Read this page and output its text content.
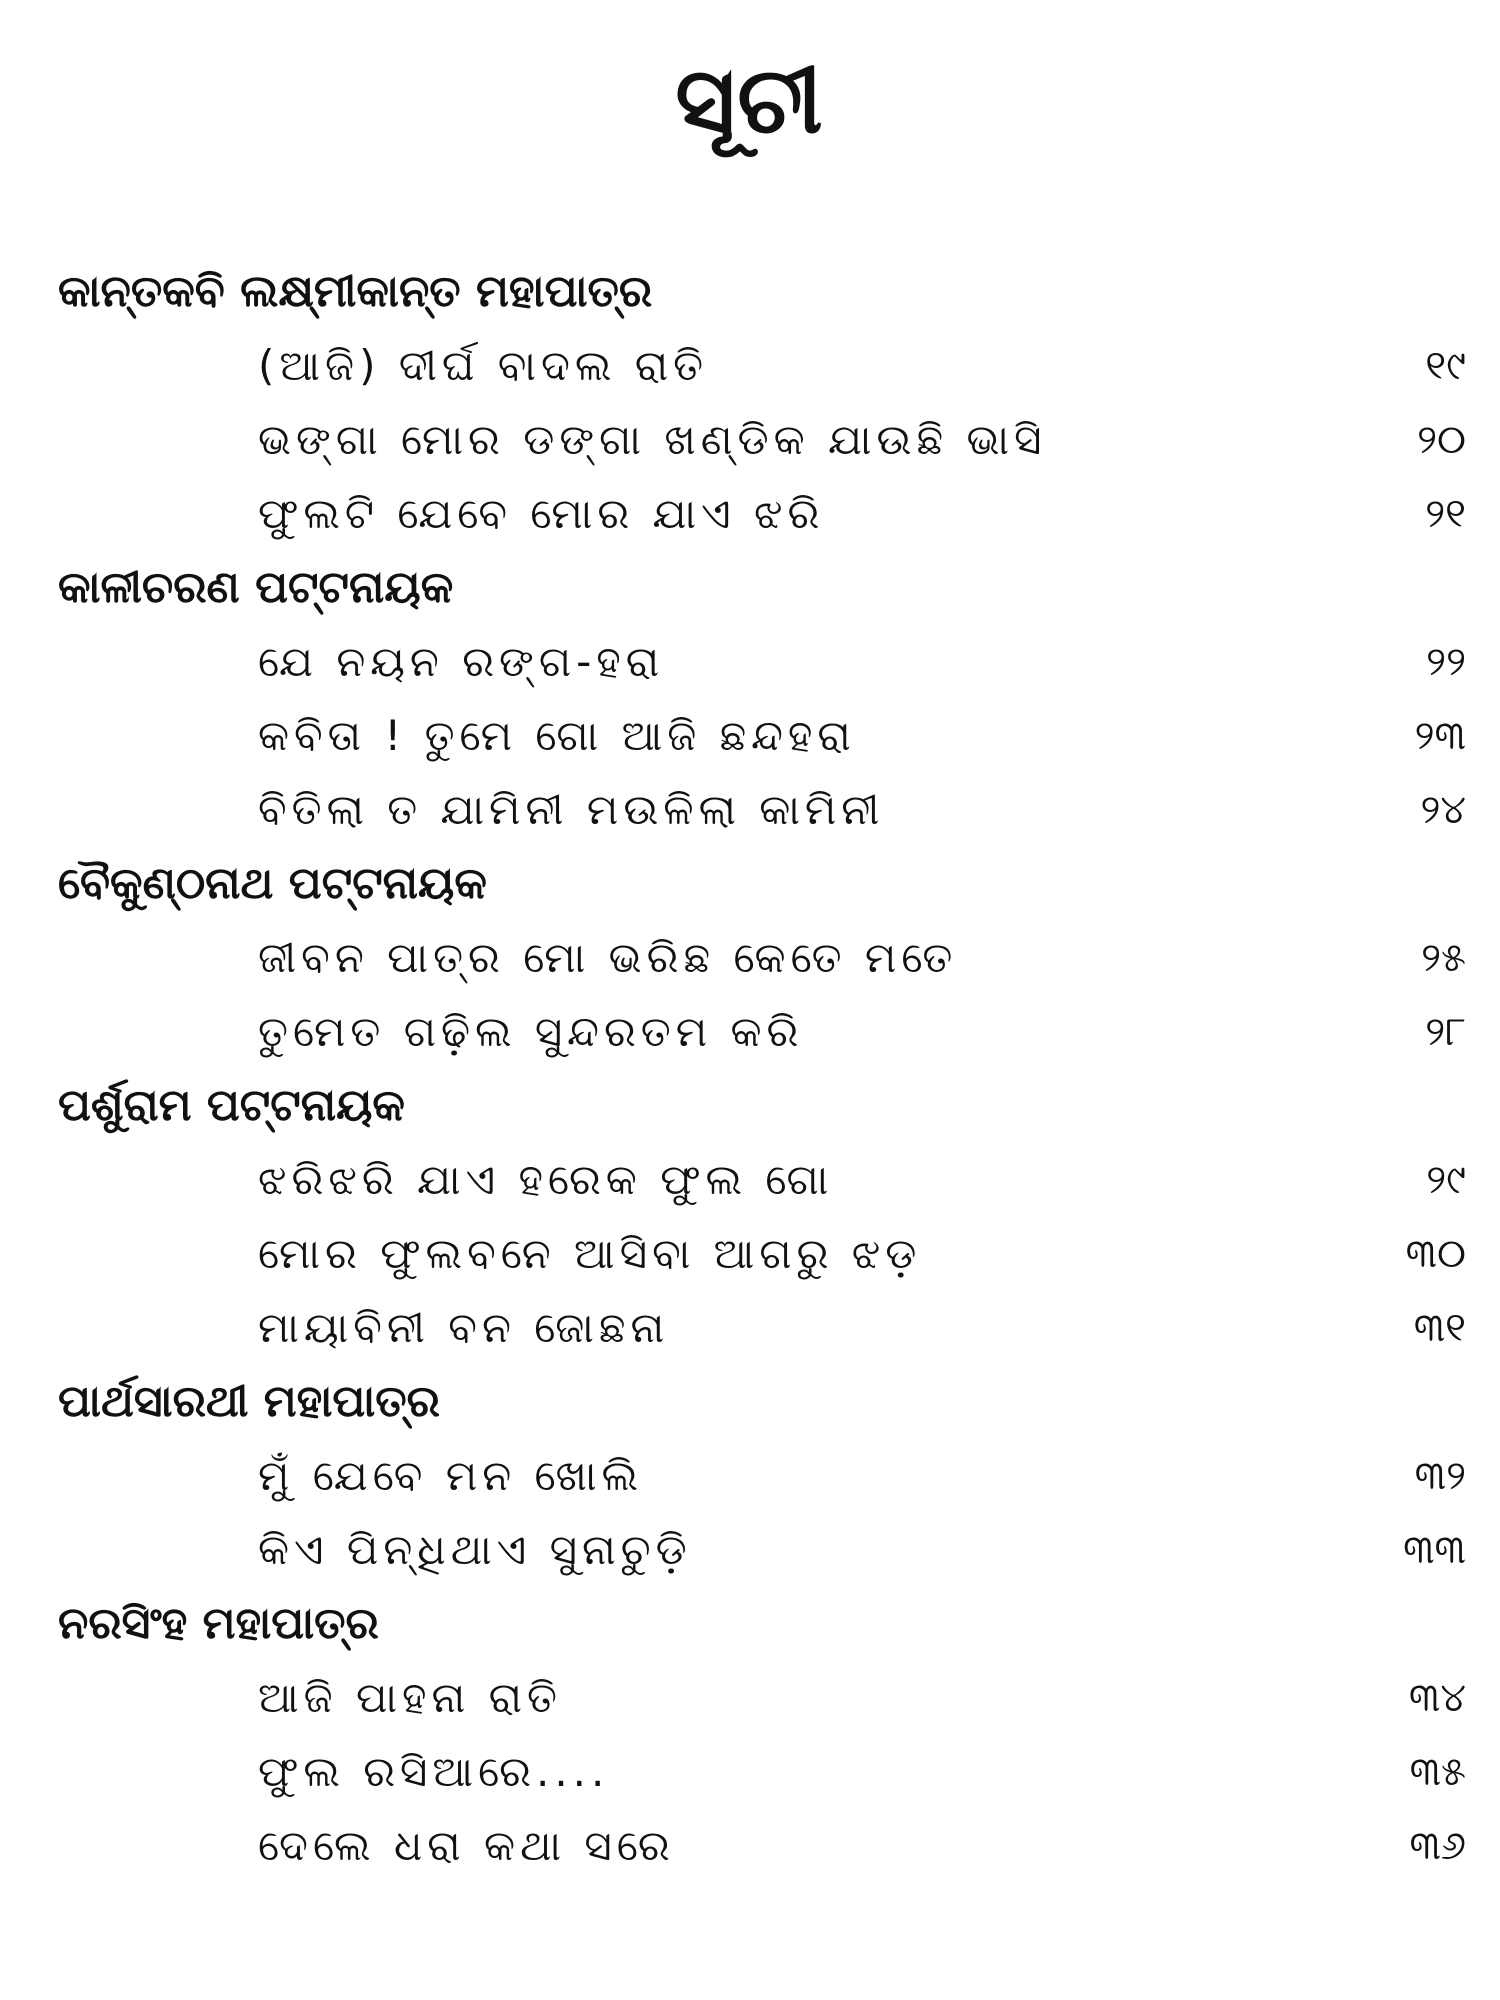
ସୂଚୀ
କାନ୍ତକବି ଲକ୍ଷ୍ମୀକାନ୍ତ ମହାପାତ୍ର
(ଆଜି) ଦୀର୍ଘ ବାଦଲ ରାତି	୧୯
ଭଙ୍ଗା ମୋର ଡଙ୍ଗା ଖଣ୍ଡିକ ଯାଉଛି ଭାସି	୨୦
ଫୁଲଟି ଯେବେ ମୋର ଯାଏ ଝରି	୨୧
କାଳୀଚରଣ ପଟ୍ଟନାୟକ
ଯେ ନୟନ ରଙ୍ଗ-ହରା	୨୨
କବିତା ! ତୁମେ ଗୋ ଆଜି ଛନ୍ଦହରା	୨୩
ବିତିଲା ତ ଯାମିନୀ ମଉଳିଲା କାମିନୀ	୨୪
ବୈକୁଣ୍ଠନାଥ ପଟ୍ଟନାୟକ
ଜୀବନ ପାତ୍ର ମୋ ଭରିଛ କେତେ ମତେ	୨୫
ତୁମେତ ଗଢ଼ିଲ ସୁନ୍ଦରତମ କରି	୨୮
ପର୍ଶୁରାମ ପଟ୍ଟନାୟକ
ଝରିଝରି ଯାଏ ହରେକ ଫୁଲ ଗୋ	୨୯
ମୋର ଫୁଲବନେ ଆସିବା ଆଗରୁ ଝଡ଼	୩୦
ମାୟାବିନୀ ବନ ଜୋଛନା	୩୧
ପାର୍ଥସାରଥୀ ମହାପାତ୍ର
ମୁଁ ଯେବେ ମନ ଖୋଲି	୩୨
କିଏ ପିନ୍ଧିଥାଏ ସୁନାଚୁଡ଼ି	୩୩
ନରସିଂହ ମହାପାତ୍ର
ଆଜି ପାହନା ରାତି	୩୪
ଫୁଲ ରସିଆରେ....	୩୫
ଦେଲେ ଧରା କଥା ସରେ	୩୬
